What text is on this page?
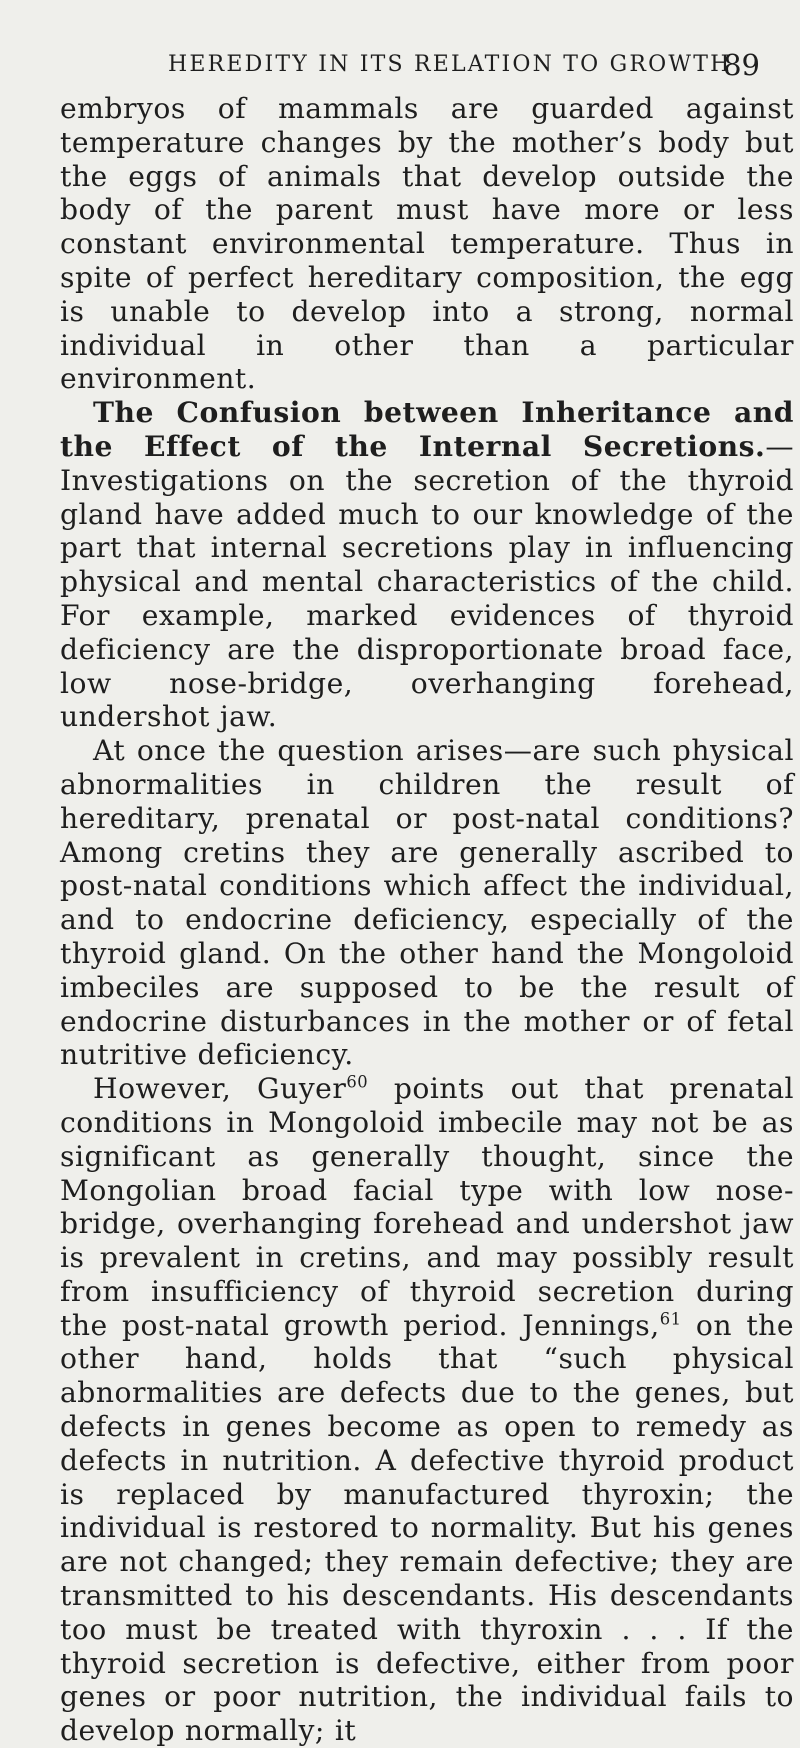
HEREDITY IN ITS RELATION TO GROWTH
89

embryos of mammals are guarded against temperature changes by the mother’s body but the eggs of animals that develop outside the body of the parent must have more or less constant environmental temperature. Thus in spite of perfect hereditary composition, the egg is unable to develop into a strong, normal individual in other than a particular environment.

The Confusion between Inheritance and the Effect of the Internal Secretions.—Investigations on the secretion of the thyroid gland have added much to our knowledge of the part that internal secretions play in influencing physical and mental characteristics of the child. For example, marked evidences of thyroid deficiency are the disproportionate broad face, low nose-bridge, overhanging forehead, undershot jaw.

At once the question arises—are such physical abnormalities in children the result of hereditary, prenatal or post-natal conditions? Among cretins they are generally ascribed to post-natal conditions which affect the individual, and to endocrine deficiency, especially of the thyroid gland. On the other hand the Mongoloid imbeciles are supposed to be the result of endocrine disturbances in the mother or of fetal nutritive deficiency.

However, Guyer$^{60}$ points out that prenatal conditions in Mongoloid imbecile may not be as significant as generally thought, since the Mongolian broad facial type with low nose-bridge, overhanging forehead and undershot jaw is prevalent in cretins, and may possibly result from insufficiency of thyroid secretion during the post-natal growth period. Jennings,$^{61}$ on the other hand, holds that “such physical abnormalities are defects due to the genes, but defects in genes become as open to remedy as defects in nutrition. A defective thyroid product is replaced by manufactured thyroxin; the individual is restored to normality. But his genes are not changed; they remain defective; they are transmitted to his descendants. His descendants too must be treated with thyroxin . . . If the thyroid secretion is defective, either from poor genes or poor nutrition, the individual fails to develop normally; it
